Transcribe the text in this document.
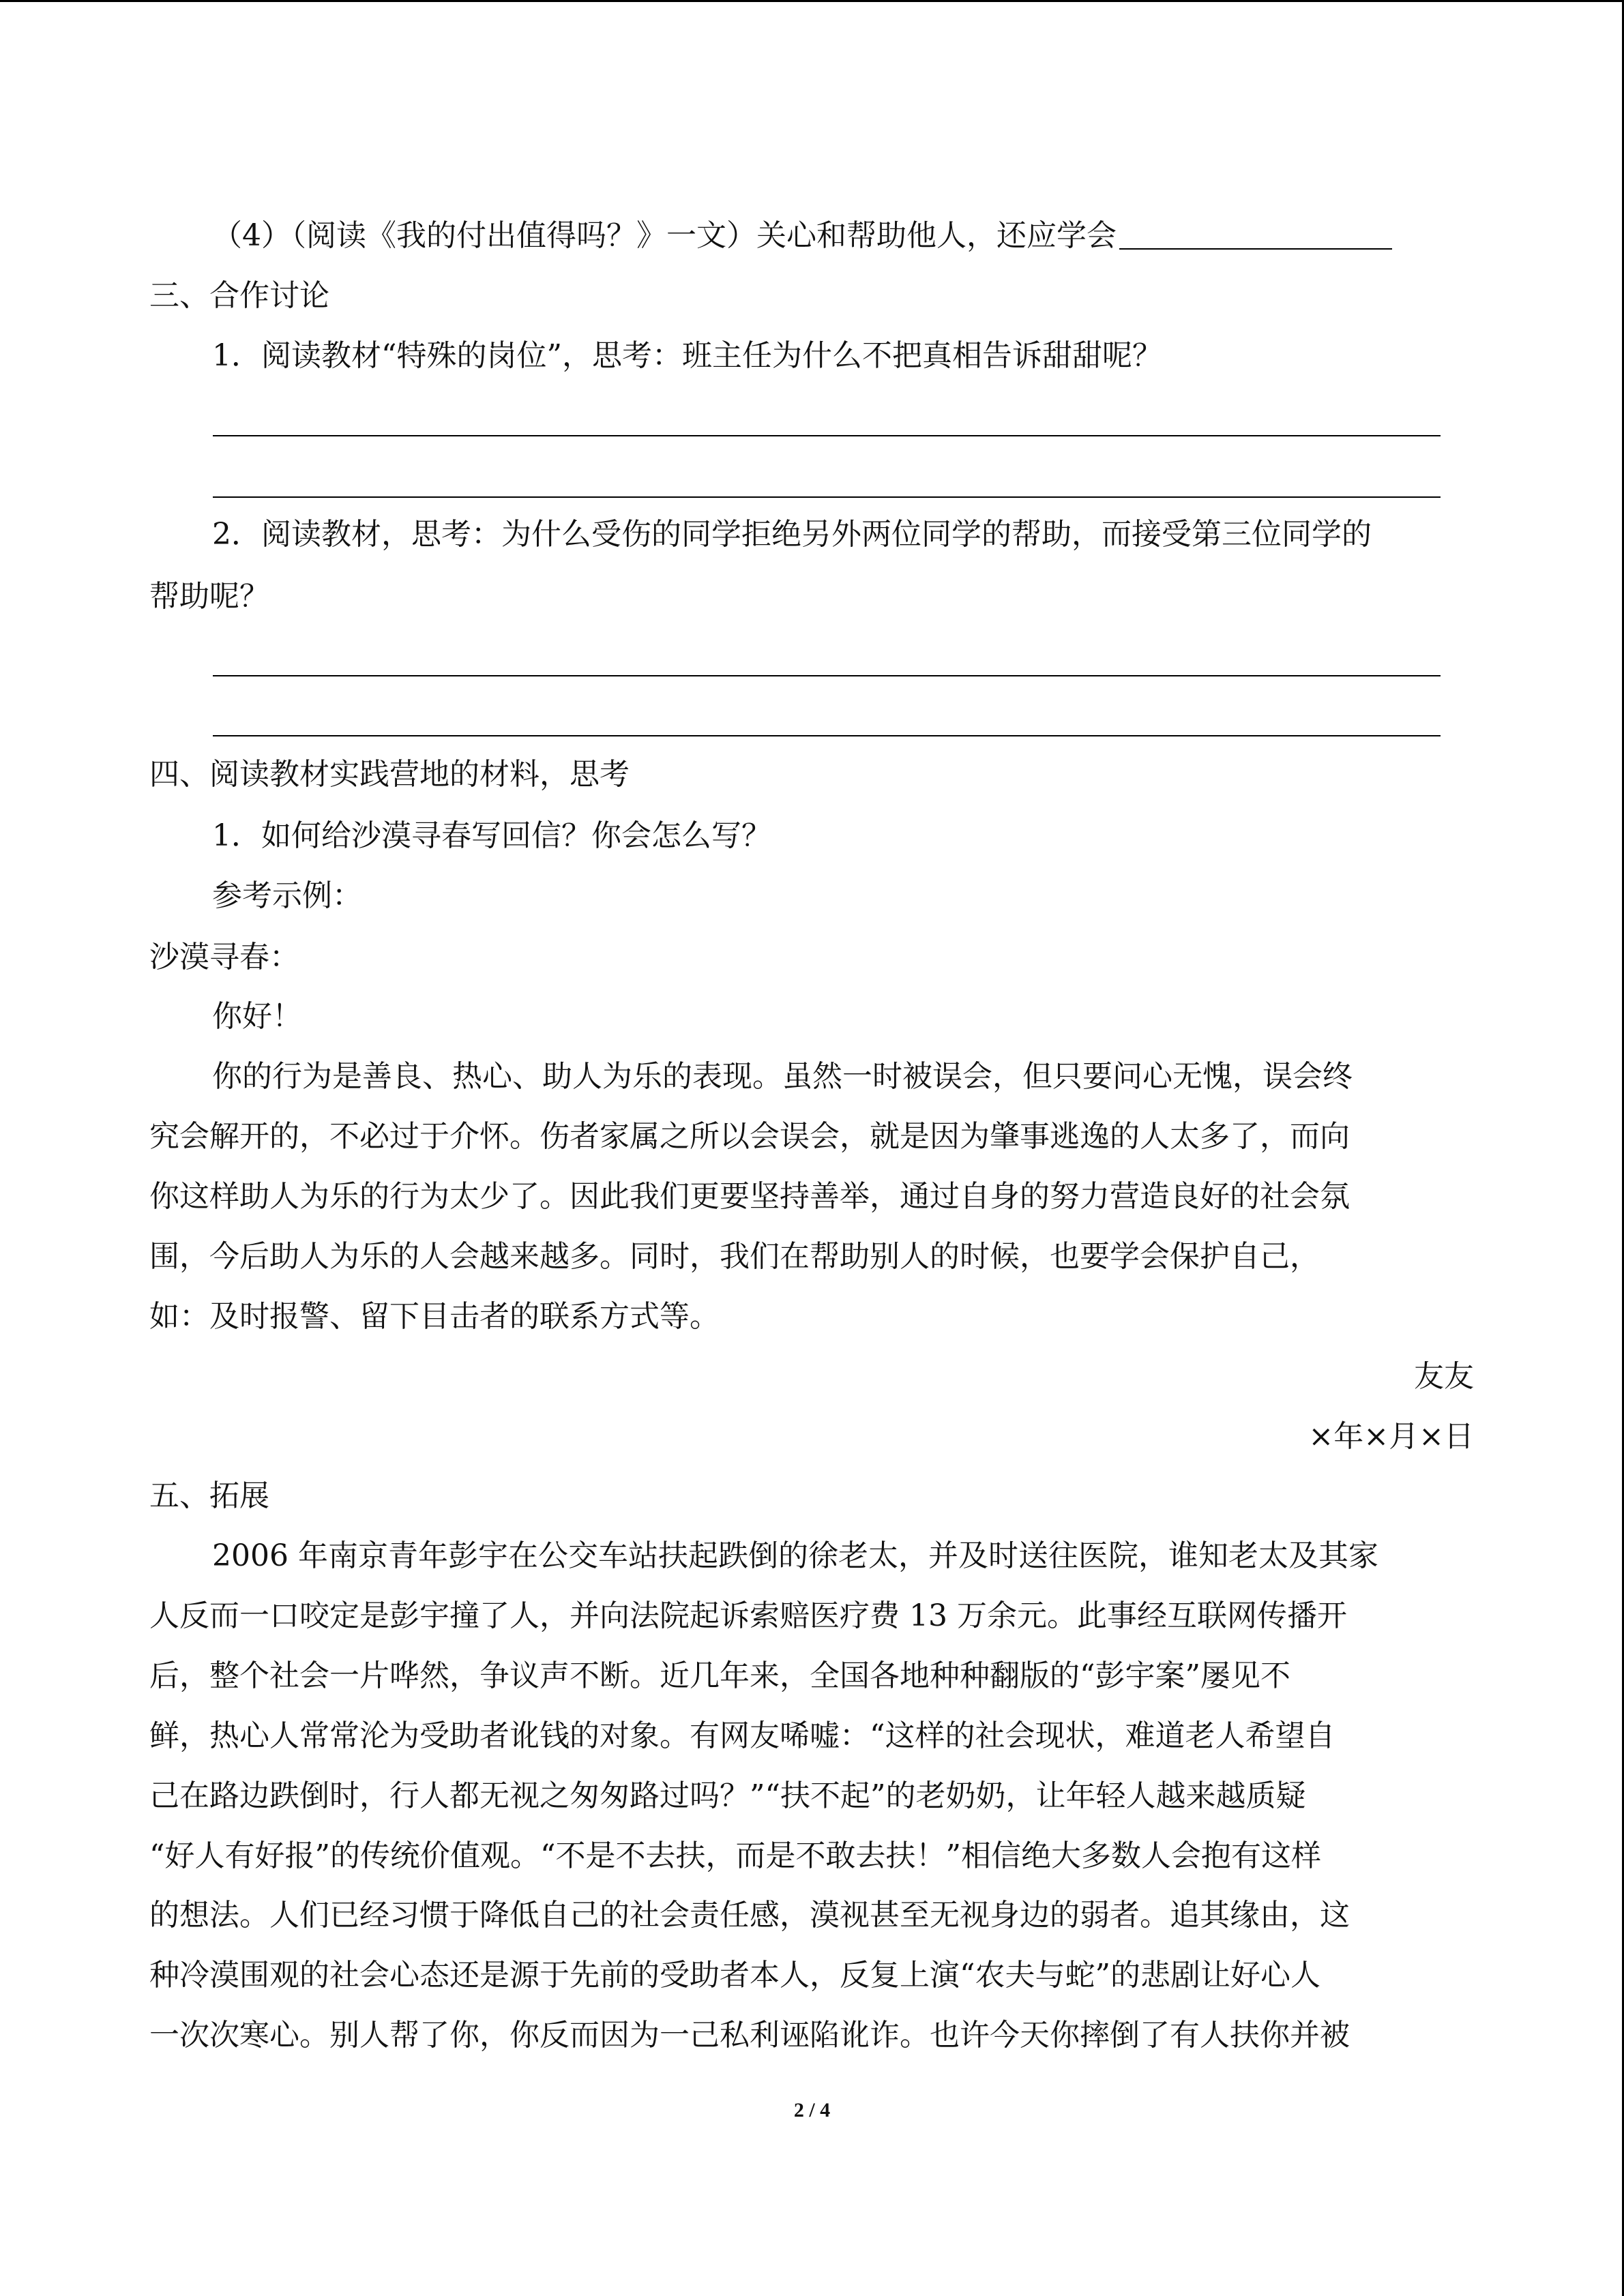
（4）（阅读《我的付出值得吗？》一文）关心和帮助他人，还应学会
三、合作讨论
1．阅读教材“特殊的岗位”，思考：班主任为什么不把真相告诉甜甜呢？
2．阅读教材，思考：为什么受伤的同学拒绝另外两位同学的帮助，而接受第三位同学的
帮助呢？
四、阅读教材实践营地的材料，思考
1．如何给沙漠寻春写回信？你会怎么写？
参考示例：
沙漠寻春：
你好！
你的行为是善良、热心、助人为乐的表现。虽然一时被误会，但只要问心无愧，误会终
究会解开的，不必过于介怀。伤者家属之所以会误会，就是因为肇事逃逸的人太多了，而向
你这样助人为乐的行为太少了。因此我们更要坚持善举，通过自身的努力营造良好的社会氛
围，今后助人为乐的人会越来越多。同时，我们在帮助别人的时候，也要学会保护自己，
如：及时报警、留下目击者的联系方式等。
友友
×年×月×日
五、拓展
2006 年南京青年彭宇在公交车站扶起跌倒的徐老太，并及时送往医院，谁知老太及其家
人反而一口咬定是彭宇撞了人，并向法院起诉索赔医疗费 13 万余元。此事经互联网传播开
后，整个社会一片哗然，争议声不断。近几年来，全国各地种种翻版的“彭宇案”屡见不
鲜，热心人常常沦为受助者讹钱的对象。有网友唏嘘：“这样的社会现状，难道老人希望自
己在路边跌倒时，行人都无视之匆匆路过吗？”“扶不起”的老奶奶，让年轻人越来越质疑
“好人有好报”的传统价值观。“不是不去扶，而是不敢去扶！”相信绝大多数人会抱有这样
的想法。人们已经习惯于降低自己的社会责任感，漠视甚至无视身边的弱者。追其缘由，这
种冷漠围观的社会心态还是源于先前的受助者本人，反复上演“农夫与蛇”的悲剧让好心人
一次次寒心。别人帮了你，你反而因为一己私利诬陷讹诈。也许今天你摔倒了有人扶你并被
2 / 4
